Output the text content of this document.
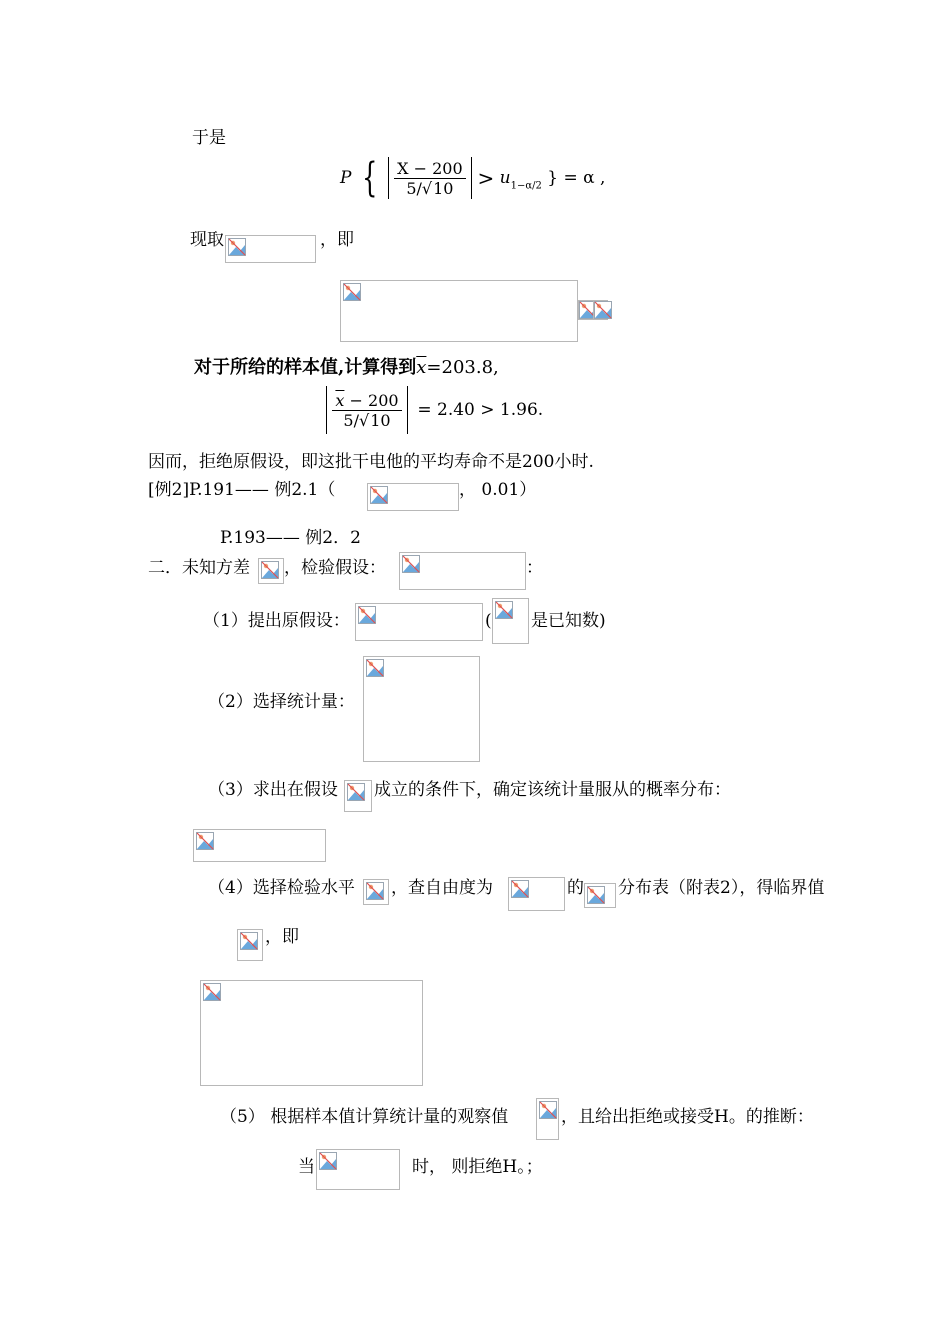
于是
P { $\frac{X - 200}{5/√10} > u_{1-\alpha/2}$ } = α ,
现取	，即
对于所给的样本值,计算得到$\overline{x}=203.8$,

$\frac{\overline{x} - 200}{5/√10} = 2.40 > 1.96$.
因而，拒绝原假设，即这批干电他的平均寿命不是200小时.
[例2]P.191—— 例2.1（	， 0.01）
P.193—— 例2．2
二．未知方差 ，检验假设：	：
（1）提出原假设：	( 是已知数)
（2）选择统计量：
（3）求出在假设 成立的条件下，确定该统计量服从的概率分布：
（4）选择检验水平 ，查自由度为	的 分布表（附表2），得临界值
，即
（5） 根据样本值计算统计量的观察值	，且给出拒绝或接受H。的推断：
当	时， 则拒绝H。；
